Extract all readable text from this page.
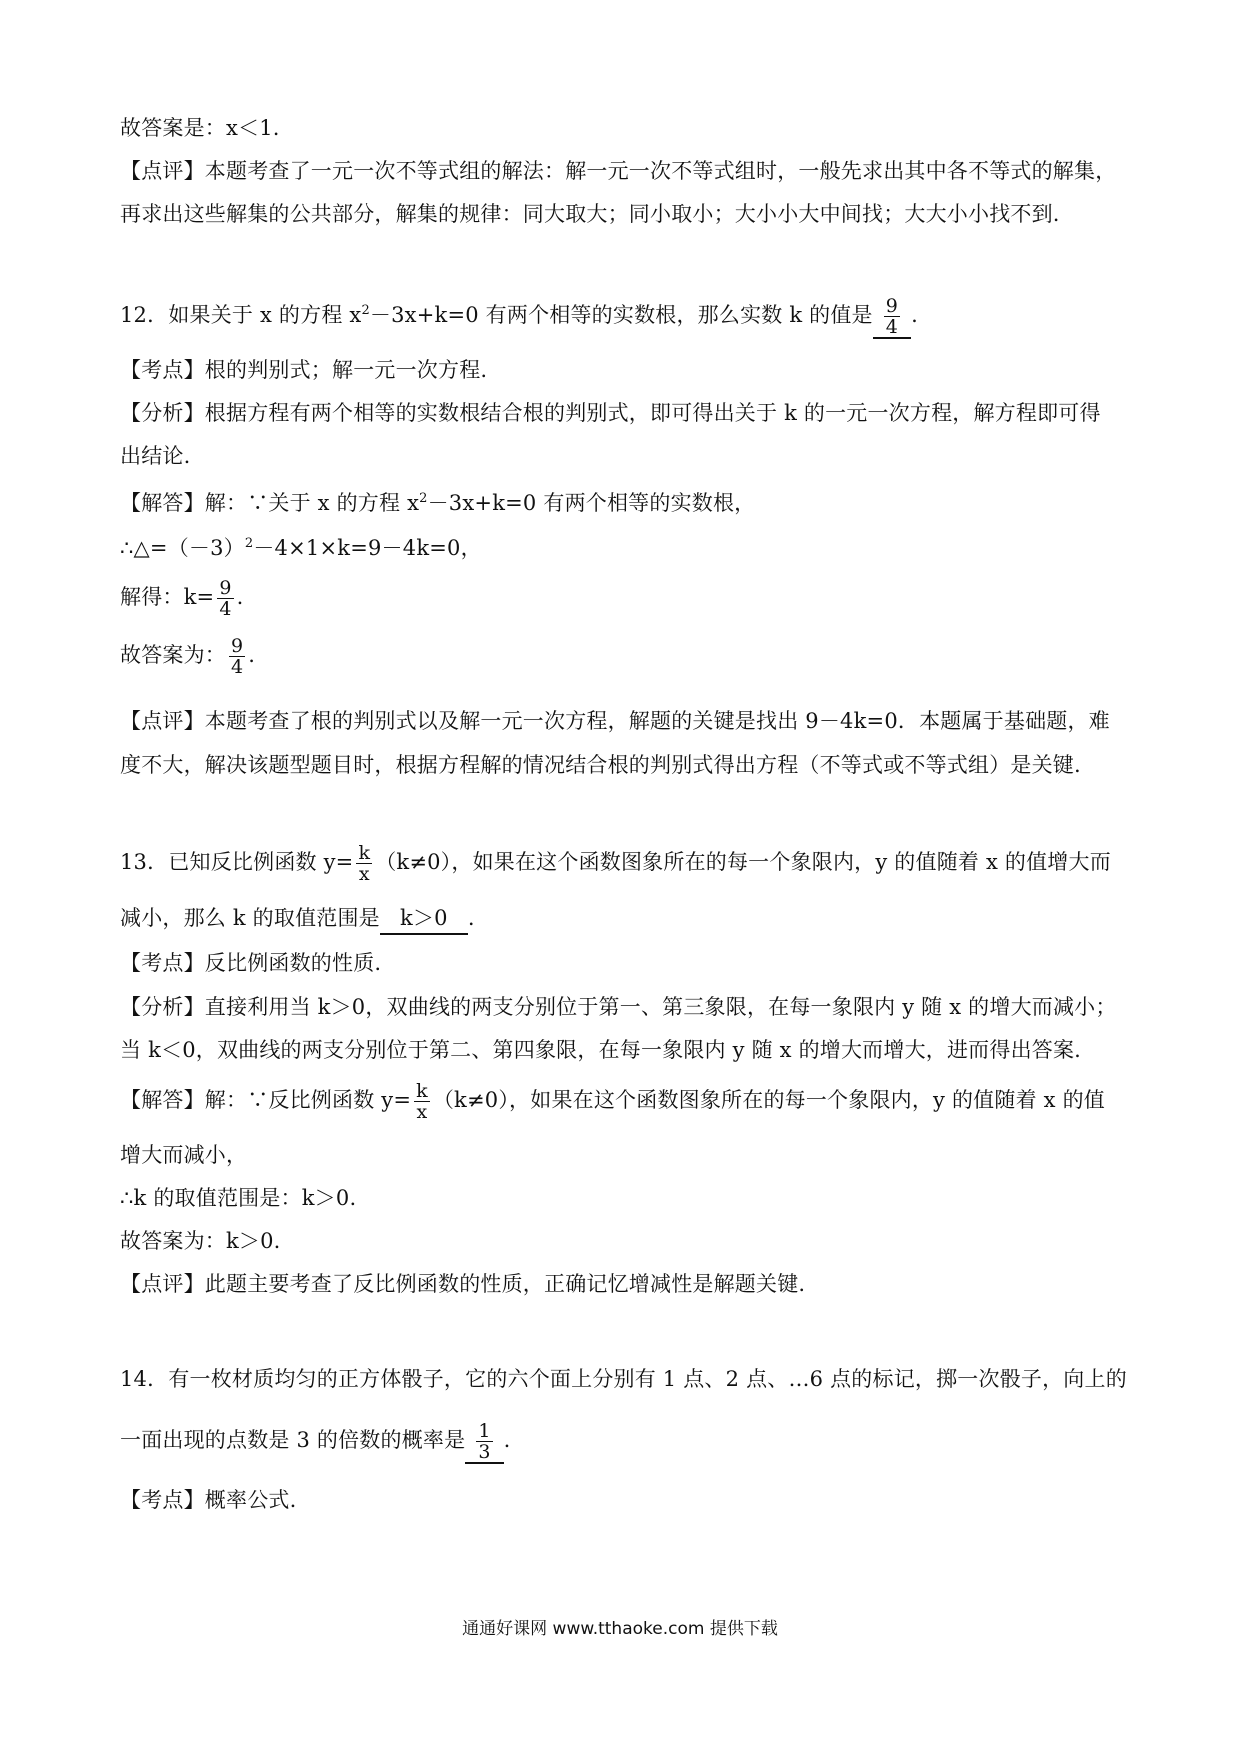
故答案是：x＜1.
【点评】本题考查了一元一次不等式组的解法：解一元一次不等式组时，一般先求出其中各不等式的解集，
再求出这些解集的公共部分，解集的规律：同大取大；同小取小；大小小大中间找；大大小小找不到.
12．如果关于 x 的方程 $x^2-3x+k=0$ 有两个相等的实数根，那么实数 k 的值是 $\frac{9}{4}$ .
【考点】根的判别式；解一元一次方程.
【分析】根据方程有两个相等的实数根结合根的判别式，即可得出关于 k 的一元一次方程，解方程即可得
出结论.
【解答】解：∵关于 x 的方程 $x^2-3x+k=0$ 有两个相等的实数根，
$\therefore\triangle=(-3)^2-4\times 1\times k=9-4k=0$，
解得：$k= \frac{9}{4}$ .
故答案为： $\frac{9}{4}$ .
【点评】本题考查了根的判别式以及解一元一次方程，解题的关键是找出 9－4k=0．本题属于基础题，难
度不大，解决该题型题目时，根据方程解的情况结合根的判别式得出方程（不等式或不等式组）是关键.
13．已知反比例函数 $y= \frac{k}{x} (k\ne 0)$，如果在这个函数图象所在的每一个象限内，y 的值随着 x 的值增大而
减小，那么 k 的取值范围是 k＞0 .
【考点】反比例函数的性质.
【分析】直接利用当 k＞0，双曲线的两支分别位于第一、第三象限，在每一象限内 y 随 x 的增大而减小；
当 k＜0，双曲线的两支分别位于第二、第四象限，在每一象限内 y 随 x 的增大而增大，进而得出答案.
【解答】解：∵反比例函数 $y= \frac{k}{x} (k\ne 0)$，如果在这个函数图象所在的每一个象限内，y 的值随着 x 的值
增大而减小，
∴k 的取值范围是：k＞0.
故答案为：k＞0.
【点评】此题主要考查了反比例函数的性质，正确记忆增减性是解题关键.
14．有一枚材质均匀的正方体骰子，它的六个面上分别有 1 点、2 点、…6 点的标记，掷一次骰子，向上的
一面出现的点数是 3 的倍数的概率是 $\frac{1}{3}$ .
【考点】概率公式.
通通好课网 www.tthaoke.com 提供下载
